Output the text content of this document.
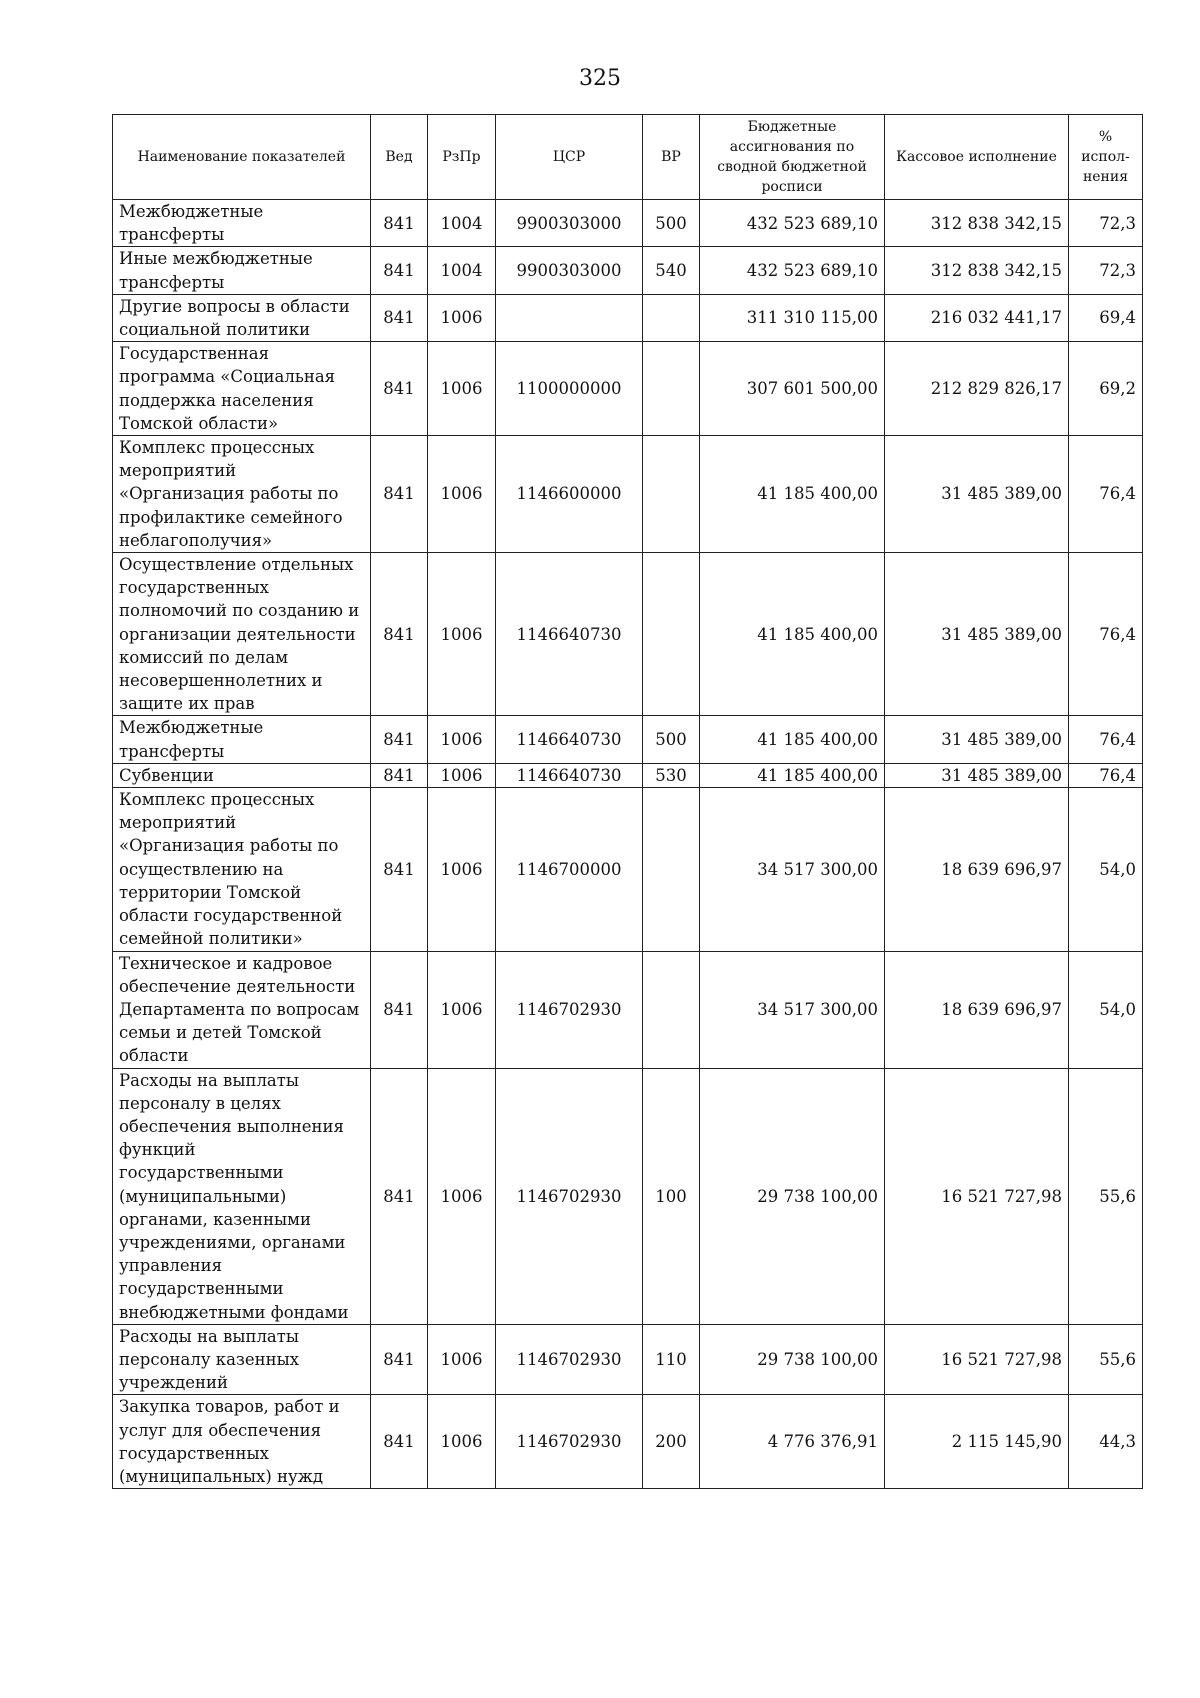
325
Наименование показателей	Вед	РзПр	ЦСР	ВР	Бюджетные ассигнования по сводной бюджетной росписи	Кассовое исполнение	% испол-нения
Межбюджетные трансферты	841	1004	9900303000	500	432 523 689,10	312 838 342,15	72,3
Иные межбюджетные трансферты	841	1004	9900303000	540	432 523 689,10	312 838 342,15	72,3
Другие вопросы в области социальной политики	841	1006			311 310 115,00	216 032 441,17	69,4
Государственная программа «Социальная поддержка населения Томской области»	841	1006	1100000000		307 601 500,00	212 829 826,17	69,2
Комплекс процессных мероприятий «Организация работы по профилактике семейного неблагополучия»	841	1006	1146600000		41 185 400,00	31 485 389,00	76,4
Осуществление отдельных государственных полномочий по созданию и организации деятельности комиссий по делам несовершеннолетних и защите их прав	841	1006	1146640730		41 185 400,00	31 485 389,00	76,4
Межбюджетные трансферты	841	1006	1146640730	500	41 185 400,00	31 485 389,00	76,4
Субвенции	841	1006	1146640730	530	41 185 400,00	31 485 389,00	76,4
Комплекс процессных мероприятий «Организация работы по осуществлению на территории Томской области государственной семейной политики»	841	1006	1146700000		34 517 300,00	18 639 696,97	54,0
Техническое и кадровое обеспечение деятельности Департамента по вопросам семьи и детей Томской области	841	1006	1146702930		34 517 300,00	18 639 696,97	54,0
Расходы на выплаты персоналу в целях обеспечения выполнения функций государственными (муниципальными) органами, казенными учреждениями, органами управления государственными внебюджетными фондами	841	1006	1146702930	100	29 738 100,00	16 521 727,98	55,6
Расходы на выплаты персоналу казенных учреждений	841	1006	1146702930	110	29 738 100,00	16 521 727,98	55,6
Закупка товаров, работ и услуг для обеспечения государственных (муниципальных) нужд	841	1006	1146702930	200	4 776 376,91	2 115 145,90	44,3
